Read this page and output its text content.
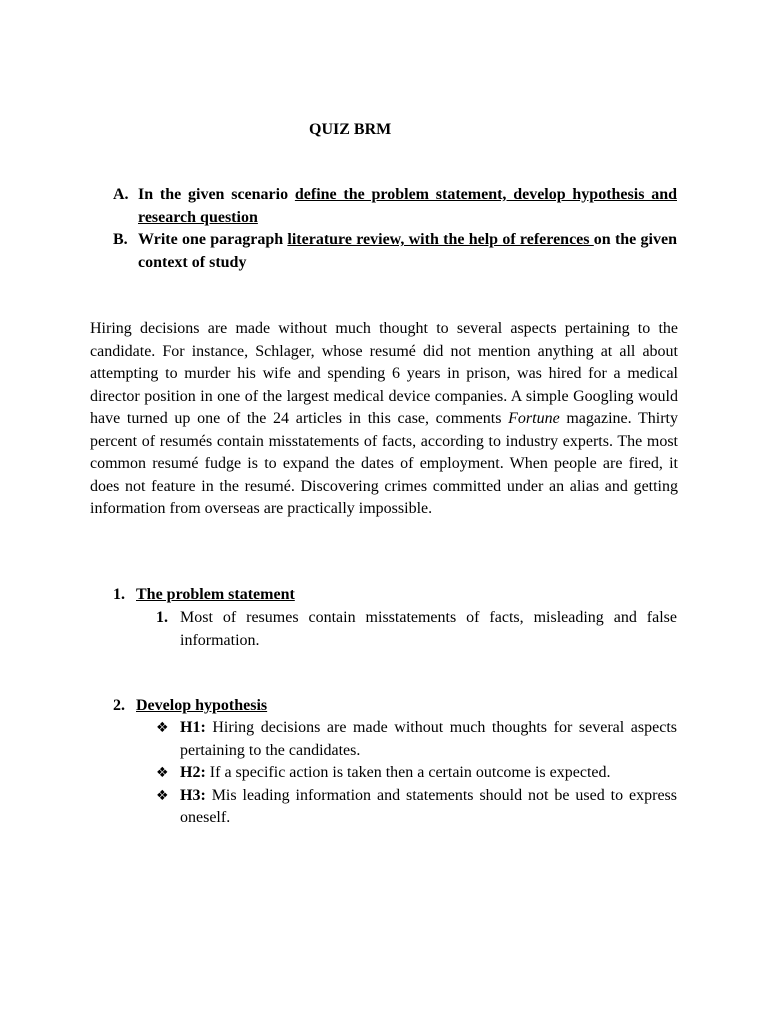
QUIZ BRM
A. In the given scenario define the problem statement, develop hypothesis and research question
B. Write one paragraph literature review, with the help of references on the given context of study
Hiring decisions are made without much thought to several aspects pertaining to the candidate. For instance, Schlager, whose resumé did not mention anything at all about attempting to murder his wife and spending 6 years in prison, was hired for a medical director position in one of the largest medical device companies. A simple Googling would have turned up one of the 24 articles in this case, comments Fortune magazine. Thirty percent of resumés contain misstatements of facts, according to industry experts. The most common resumé fudge is to expand the dates of employment. When people are fired, it does not feature in the resumé. Discovering crimes committed under an alias and getting information from overseas are practically impossible.
1. The problem statement
1. Most of resumes contain misstatements of facts, misleading and false information.
2. Develop hypothesis
❖ H1: Hiring decisions are made without much thoughts for several aspects pertaining to the candidates.
❖ H2: If a specific action is taken then a certain outcome is expected.
❖ H3: Mis leading information and statements should not be used to express oneself.
